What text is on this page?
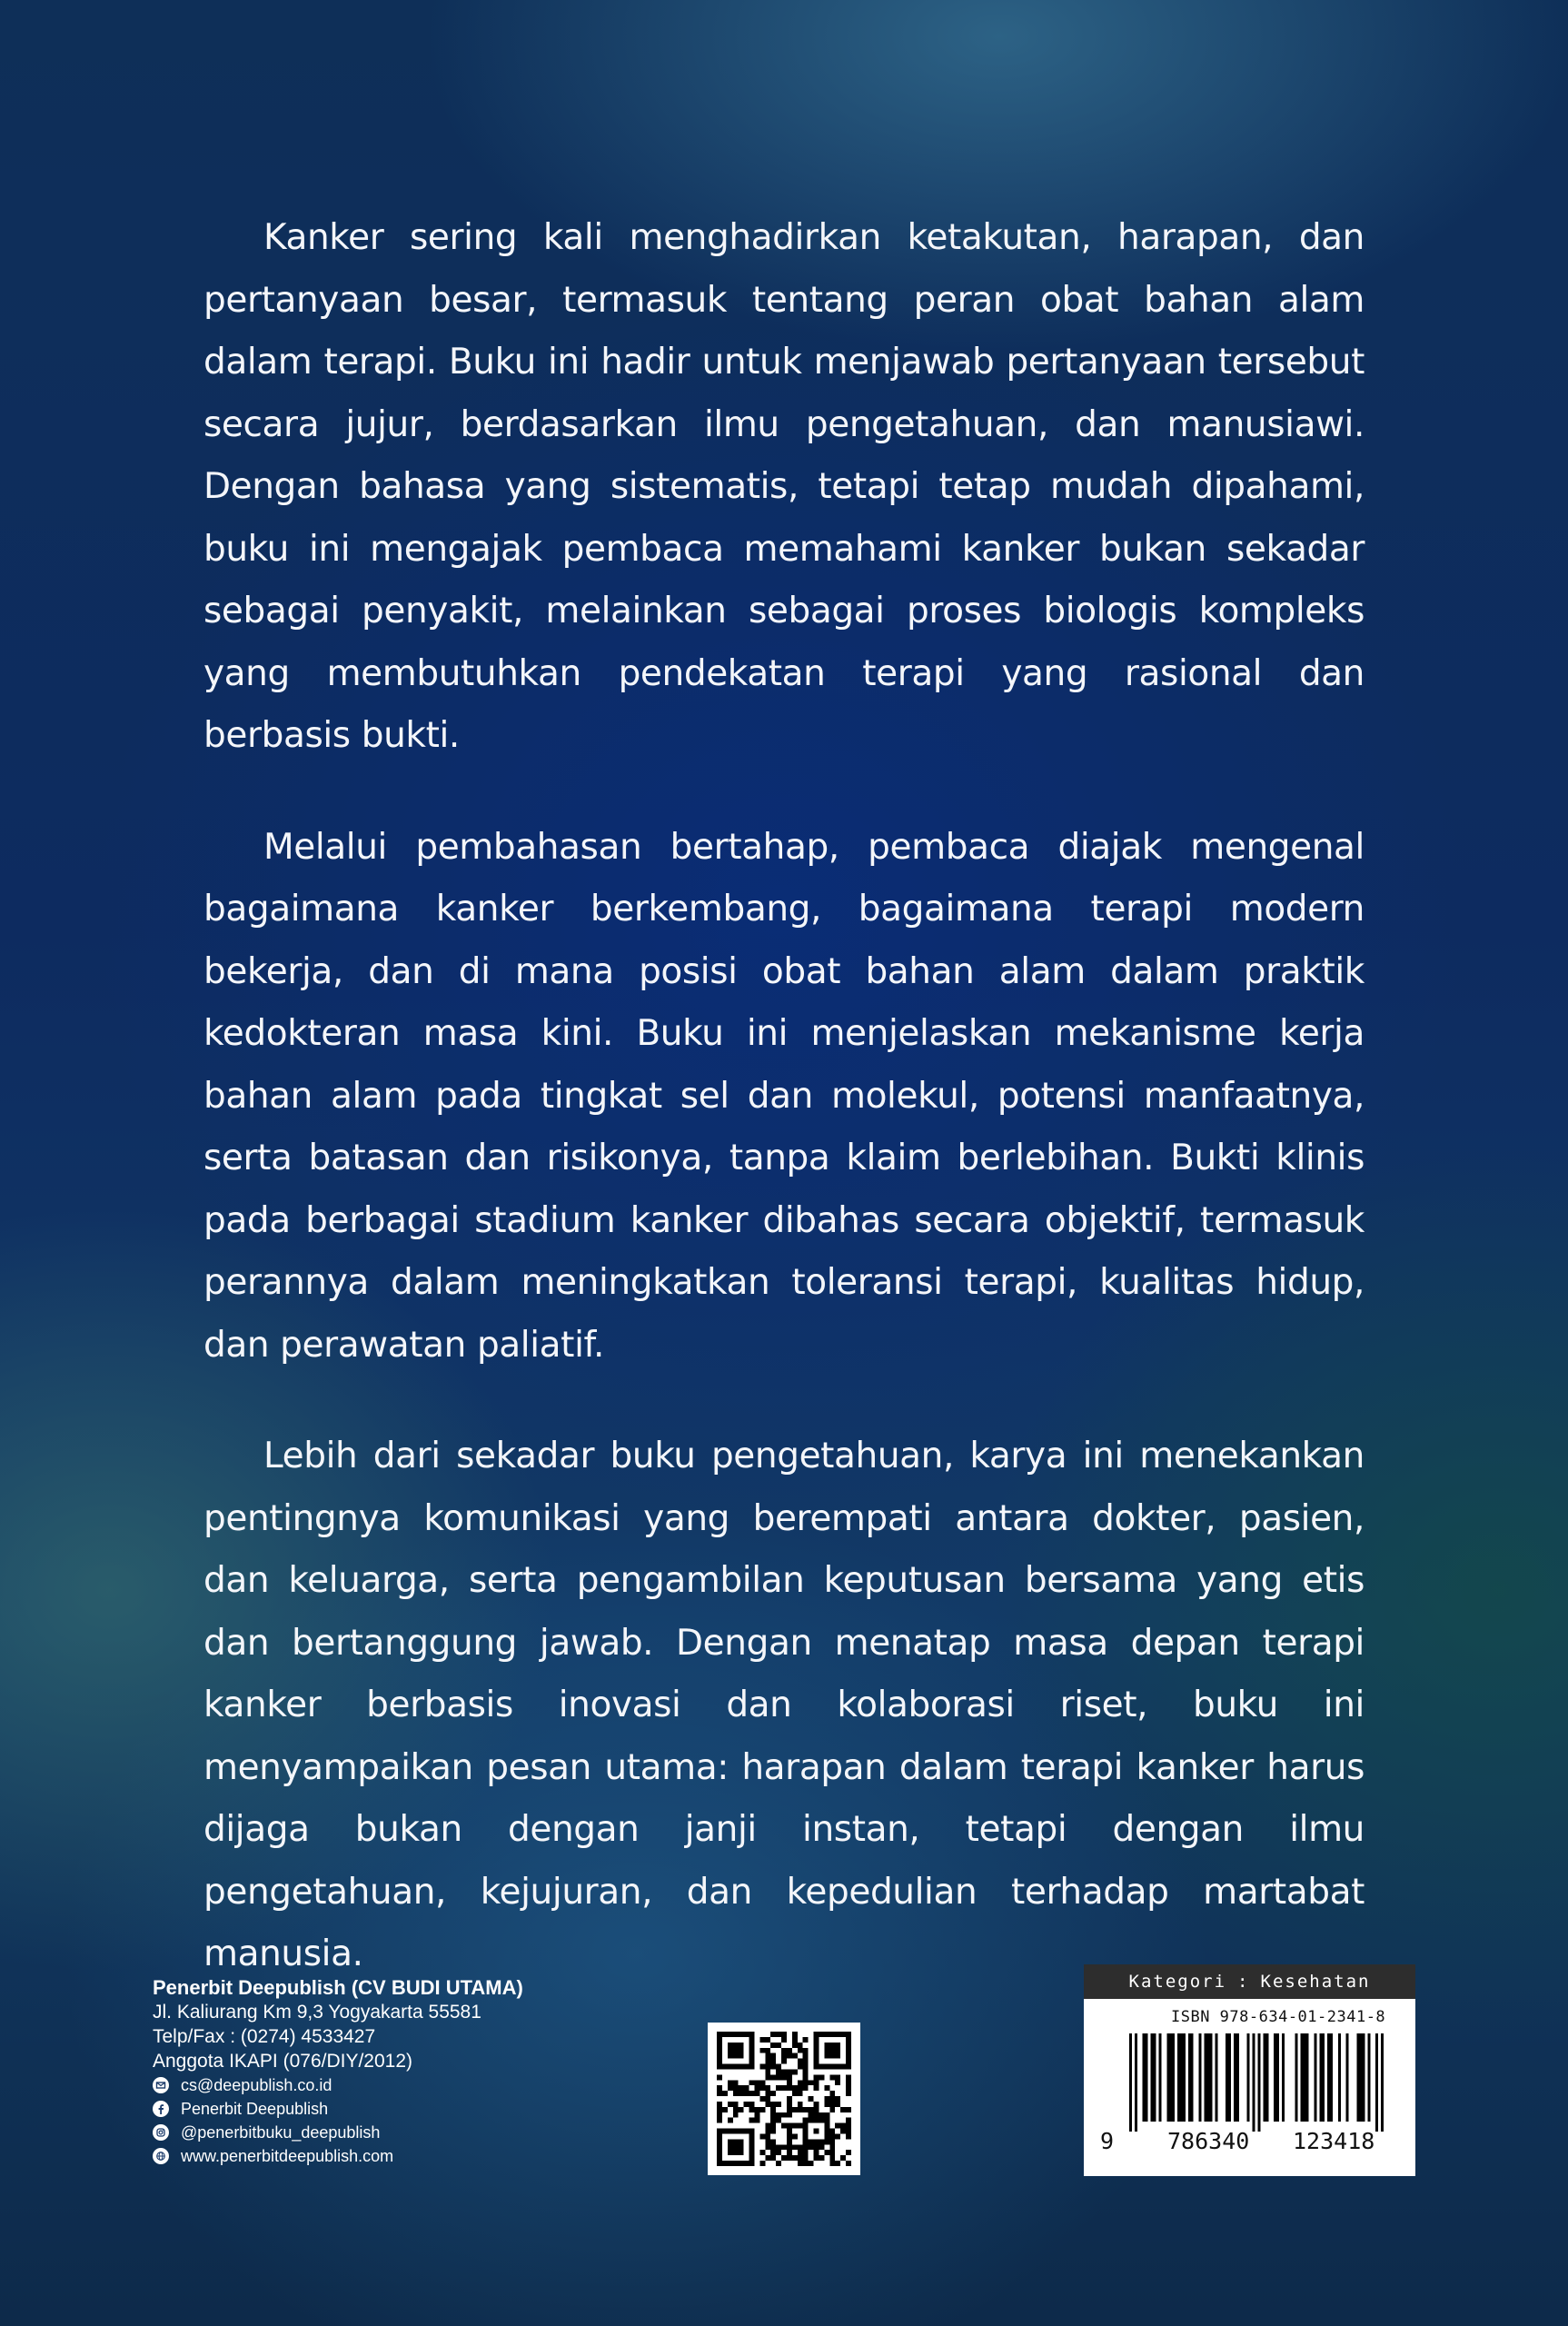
Kanker sering kali menghadirkan ketakutan, harapan, dan pertanyaan besar, termasuk tentang peran obat bahan alam dalam terapi. Buku ini hadir untuk menjawab pertanyaan tersebut secara jujur, berdasarkan ilmu pengetahuan, dan manusiawi. Dengan bahasa yang sistematis, tetapi tetap mudah dipahami, buku ini mengajak pembaca memahami kanker bukan sekadar sebagai penyakit, melainkan sebagai proses biologis kompleks yang membutuhkan pendekatan terapi yang rasional dan berbasis bukti.

Melalui pembahasan bertahap, pembaca diajak mengenal bagaimana kanker berkembang, bagaimana terapi modern bekerja, dan di mana posisi obat bahan alam dalam praktik kedokteran masa kini. Buku ini menjelaskan mekanisme kerja bahan alam pada tingkat sel dan molekul, potensi manfaatnya, serta batasan dan risikonya, tanpa klaim berlebihan. Bukti klinis pada berbagai stadium kanker dibahas secara objektif, termasuk perannya dalam meningkatkan toleransi terapi, kualitas hidup, dan perawatan paliatif.

Lebih dari sekadar buku pengetahuan, karya ini menekankan pentingnya komunikasi yang berempati antara dokter, pasien, dan keluarga, serta pengambilan keputusan bersama yang etis dan bertanggung jawab. Dengan menatap masa depan terapi kanker berbasis inovasi dan kolaborasi riset, buku ini menyampaikan pesan utama: harapan dalam terapi kanker harus dijaga bukan dengan janji instan, tetapi dengan ilmu pengetahuan, kejujuran, dan kepedulian terhadap martabat manusia.

Penerbit Deepublish (CV BUDI UTAMA)
Jl. Kaliurang Km 9,3 Yogyakarta 55581
Telp/Fax : (0274) 4533427
Anggota IKAPI (076/DIY/2012)
cs@deepublish.co.id
Penerbit Deepublish
@penerbitbuku_deepublish
www.penerbitdeepublish.com
Kategori : Kesehatan
ISBN 978-634-01-2341-8
9 786340 123418
